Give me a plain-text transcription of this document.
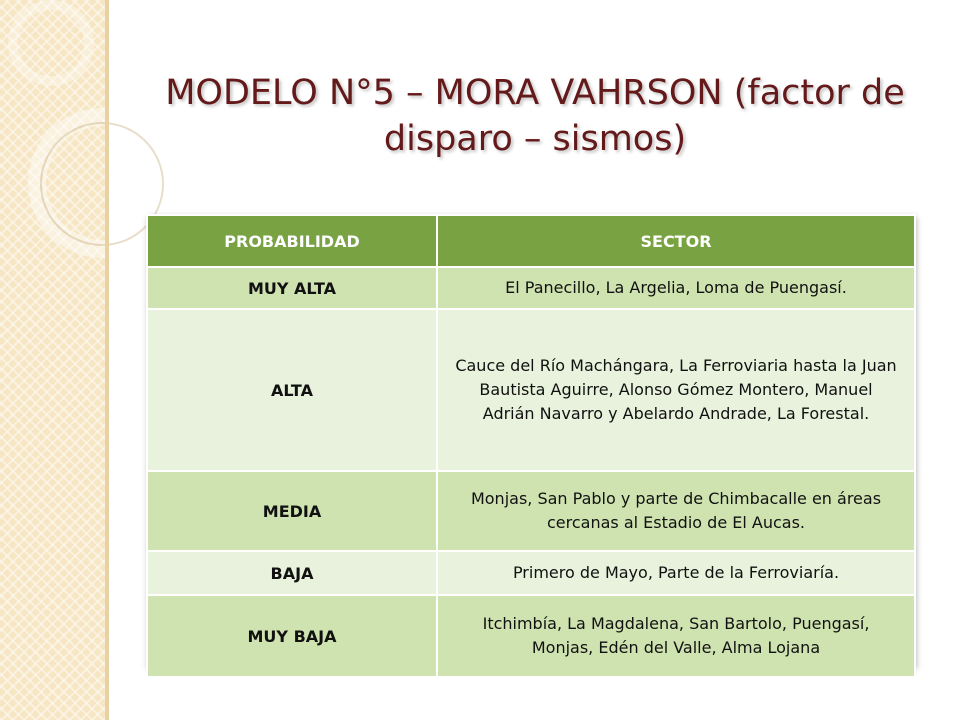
MODELO N°5 – MORA VAHRSON (factor de disparo – sismos)
PROBABILIDAD	SECTOR
MUY ALTA	El Panecillo, La Argelia, Loma de Puengasí.
ALTA	Cauce del Río Machángara, La Ferroviaria hasta la Juan Bautista Aguirre, Alonso Gómez Montero, Manuel Adrián Navarro y Abelardo Andrade, La Forestal.
MEDIA	Monjas, San Pablo y parte de Chimbacalle en áreas cercanas al Estadio de El Aucas.
BAJA	Primero de Mayo, Parte de la Ferroviaría.
MUY BAJA	Itchimbía, La Magdalena, San Bartolo, Puengasí, Monjas, Edén del Valle, Alma Lojana
